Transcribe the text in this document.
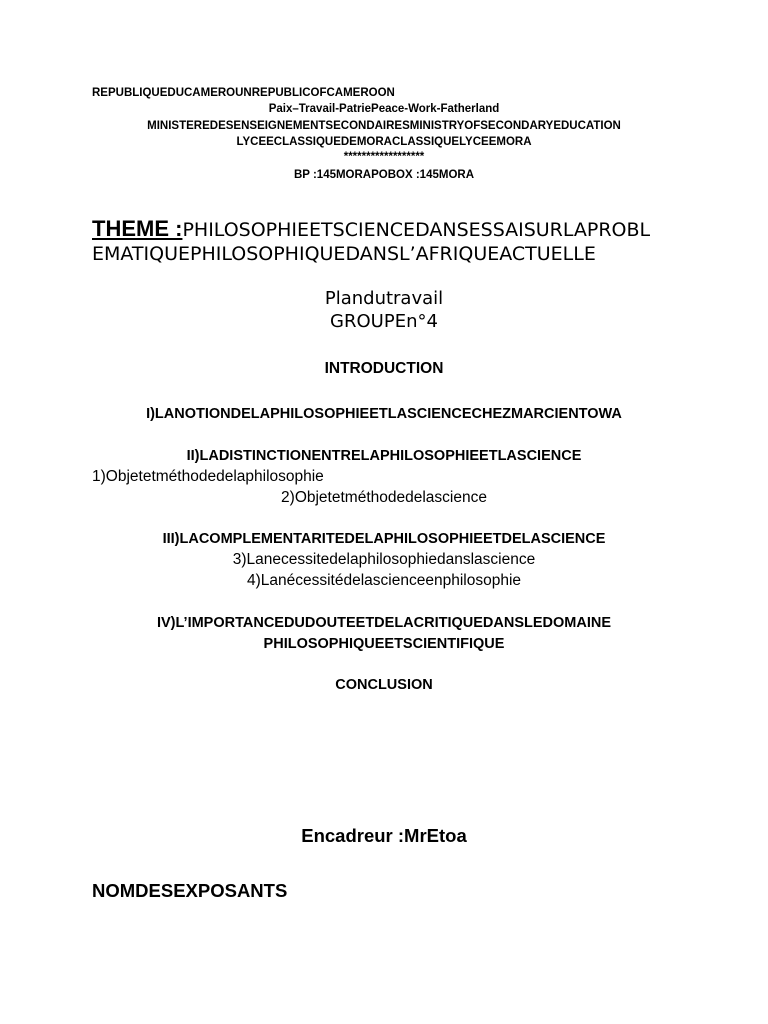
REPUBLIQUEDUCAMEROUNREPUBLICOFCAMEROON
Paix–Travail-PatriePeace-Work-Fatherland
MINISTEREDESENSEIGNEMENTSECONDAIRESMINISTRYOFSECONDARYEDUCATION
LYCEECLASSIQUEDEMORACLASSIQUELYCEEMORA
******************
BP :145MORAPOBOX :145MORA
THEME :PHILOSOPHIEETSCIENCEDANSESSAISURLAPROBL
EMATIQUEPHILOSOPHIQUEDANSL’AFRIQUEACTUELLE
Plandutravail
GROUPEn°4
INTRODUCTION
I)LANOTIONDELAPHILOSOPHIEETLASCIENCECHEZMARCIENTOWA
II)LADISTINCTIONENTRELAPHILOSOPHIEETLASCIENCE
1)Objetetméthodedelaphilosophie
2)Objetetméthodedelascience
III)LACOMPLEMENTARITEDELAPHILOSOPHIEETDELASCIENCE
3)Lanecessitedelaphilosophiedanslascience
4)Lanécessitédelascienceenphilosophie
IV)L’IMPORTANCEDUDOUTEETDELACRITIQUEDANSLEDOMAINE
PHILOSOPHIQUEETSCIENTIFIQUE
CONCLUSION
Encadreur :MrEtoa
NOMDESEXPOSANTS
